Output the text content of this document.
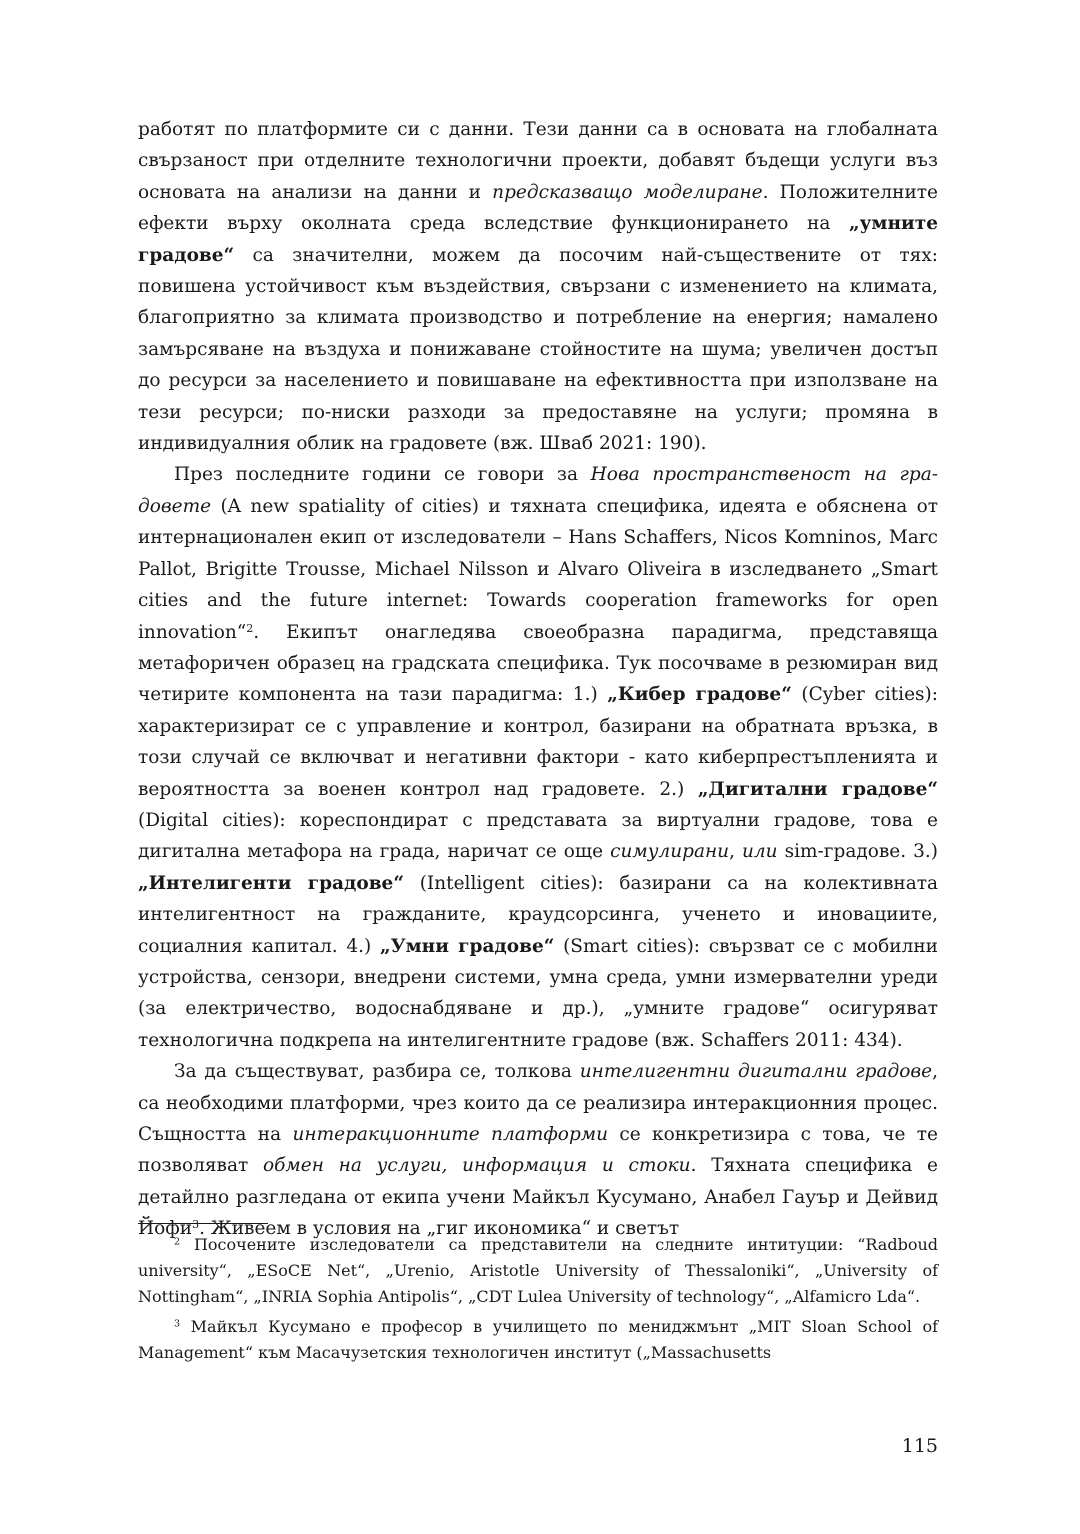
работят по платформите си с данни. Тези данни са в основата на глобалната свързаност при отделните технологични проекти, добавят бъдещи услуги въз основата на анализи на данни и предсказващо моделиране. Положителните ефекти върху околната среда вследствие функционирането на „умните градове“ са значителни, можем да посочим най-съществените от тях: повишена устойчивост към въздействия, свързани с изменението на климата, благоприятно за климата производство и потребление на енергия; намалено замърсяване на въздуха и понижаване стойностите на шума; увеличен достъп до ресурси за населението и повишаване на ефективността при използване на тези ресурси; по-ниски разходи за предоставяне на услуги; промяна в индивидуалния облик на градовете (вж. Шваб 2021: 190).

През последните години се говори за Нова пространственост на градовете (A new spatiality of cities) и тяхната специфика, идеята е обяснена от интернационален екип от изследователи – Hans Schaffers, Nicos Komninos, Marc Pallot, Brigitte Trousse, Michael Nilsson и Alvaro Oliveira в изследването „Smart cities and the future internet: Towards cooperation frameworks for open innovation“$^2$. Екипът онагледява своеобразна парадигма, представяща метафоричен образец на градската специфика. Тук посочваме в резюмиран вид четирите компонента на тази парадигма: 1.) „Кибер градове“ (Cyber cities): характеризират се с управление и контрол, базирани на обратната връзка, в този случай се включват и негативни фактори - като киберпрестъпленията и вероятността за военен контрол над градовете. 2.) „Дигитални градове“ (Digital cities): кореспондират с представата за виртуални градове, това е дигитална метафора на града, наричат се още симулирани, или sim-градове. 3.) „Интелигенти градове“ (Intelligent cities): базирани са на колективната интелигентност на гражданите, краудсорсинга, ученето и иновациите, социалния капитал. 4.) „Умни градове“ (Smart cities): свързват се с мобилни устройства, сензори, внедрени системи, умна среда, умни измервателни уреди (за електричество, водоснабдяване и др.), „умните градове“ осигуряват технологична подкрепа на интелигентните градове (вж. Schaffers 2011: 434).

За да съществуват, разбира се, толкова интелигентни дигитални градове, са необходими платформи, чрез които да се реализира интеракционния процес. Същността на интеракционните платформи се конкретизира с това, че те позволяват обмен на услуги, информация и стоки. Тяхната специфика е детайлно разгледана от екипа учени Майкъл Кусумано, Анабел Гауър и Дейвид Йофи$^3$. Живеем в условия на „гиг икономика“ и светът

$^2$ Посочените изследователи са представители на следните интитуции: “Radboud university“, „ESoCE Net“, „Urenio, Aristotle University of Thessaloniki“, „University of Nottingham“, „INRIA Sophia Antipolis“, „CDT Lulea University of technology“, „Alfamicro Lda“.

$^3$ Майкъл Кусумано е професор в училището по мениджмънт „MIT Sloan School of Management“ към Масачузетския технологичен институт („Massachusetts

115
